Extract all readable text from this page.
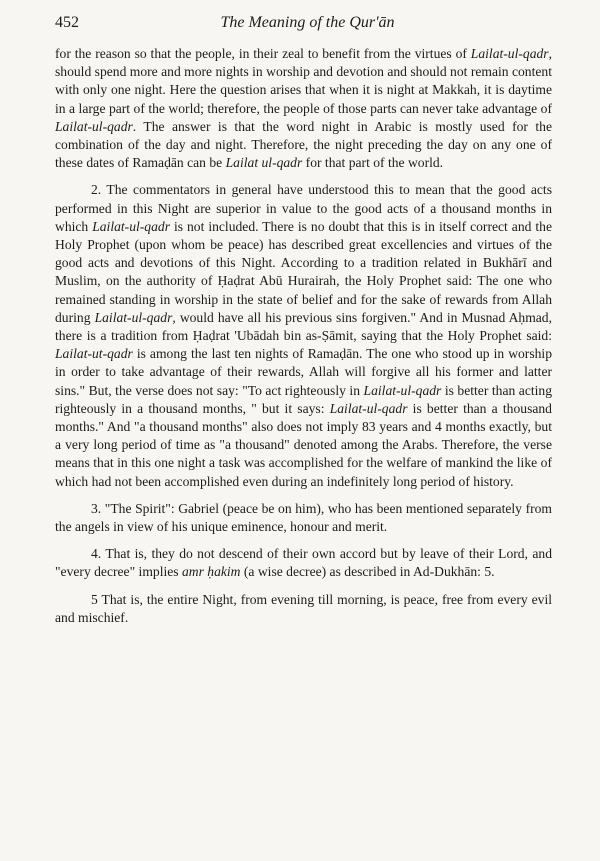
452	The Meaning of the Qur'ān

for the reason so that the people, in their zeal to benefit from the virtues of Lailat-ul-qadr, should spend more and more nights in worship and devotion and should not remain content with only one night. Here the question arises that when it is night at Makkah, it is daytime in a large part of the world; therefore, the people of those parts can never take advantage of Lailat-ul-qadr. The answer is that the word night in Arabic is mostly used for the combination of the day and night. Therefore, the night preceding the day on any one of these dates of Ramaḍān can be Lailat ul-qadr for that part of the world.

2. The commentators in general have understood this to mean that the good acts performed in this Night are superior in value to the good acts of a thousand months in which Lailat-ul-qadr is not included. There is no doubt that this is in itself correct and the Holy Prophet (upon whom be peace) has described great excellencies and virtues of the good acts and devotions of this Night. According to a tradition related in Bukhārī and Muslim, on the authority of Ḥaḍrat Abū Hurairah, the Holy Prophet said: The one who remained standing in worship in the state of belief and for the sake of rewards from Allah during Lailat-ul-qadr, would have all his previous sins forgiven." And in Musnad Aḥmad, there is a tradition from Ḥaḍrat 'Ubādah bin as-Ṣāmit, saying that the Holy Prophet said: Lailat-ut-qadr is among the last ten nights of Ramaḍān. The one who stood up in worship in order to take advantage of their rewards, Allah will forgive all his former and latter sins." But, the verse does not say: "To act righteously in Lailat-ul-qadr is better than acting righteously in a thousand months, " but it says: Lailat-ul-qadr is better than a thousand months." And "a thousand months" also does not imply 83 years and 4 months exactly, but a very long period of time as "a thousand" denoted among the Arabs. Therefore, the verse means that in this one night a task was accomplished for the welfare of mankind the like of which had not been accomplished even during an indefinitely long period of history.

3. "The Spirit": Gabriel (peace be on him), who has been mentioned separately from the angels in view of his unique eminence, honour and merit.

4. That is, they do not descend of their own accord but by leave of their Lord, and "every decree" implies amr ḥakim (a wise decree) as described in Ad-Dukhān: 5.

5 That is, the entire Night, from evening till morning, is peace, free from every evil and mischief.
